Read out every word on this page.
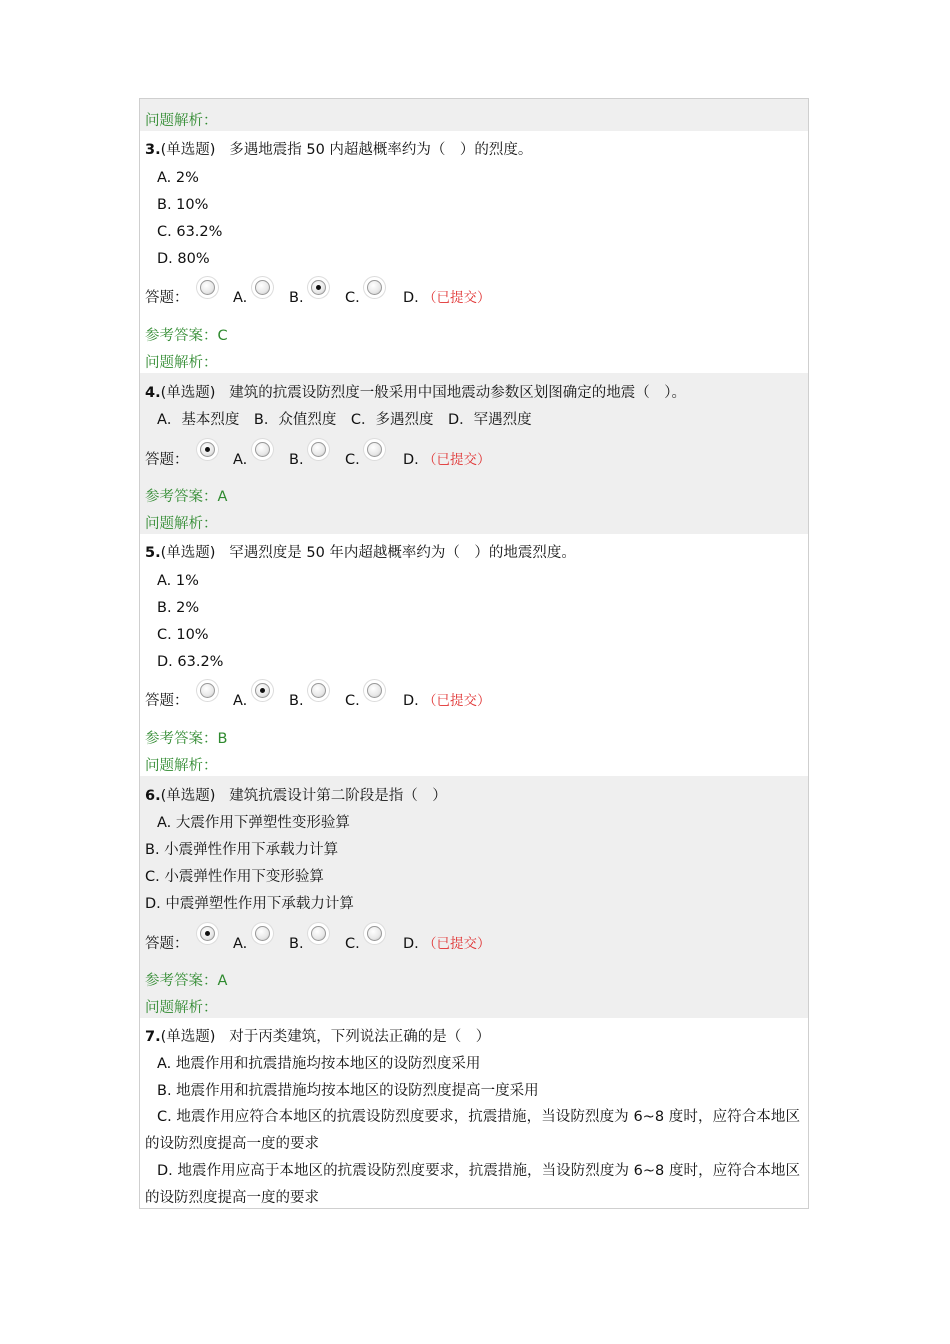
问题解析：
3.(单选题) 多遇地震指 50 内超越概率约为（　）的烈度。
A. 2%
B. 10%
C. 63.2%
D. 80%
答题：	A.	B.	C.	D. （已提交）
参考答案：C
问题解析：
4.(单选题) 建筑的抗震设防烈度一般采用中国地震动参数区划图确定的地震（　）。
A．基本烈度　B．众值烈度　C．多遇烈度　D．罕遇烈度
答题：	A.	B.	C.	D. （已提交）
参考答案：A
问题解析：
5.(单选题) 罕遇烈度是 50 年内超越概率约为（　）的地震烈度。
A. 1%
B. 2%
C. 10%
D. 63.2%
答题：	A.	B.	C.	D. （已提交）
参考答案：B
问题解析：
6.(单选题) 建筑抗震设计第二阶段是指（　）
A. 大震作用下弹塑性变形验算
B. 小震弹性作用下承载力计算
C. 小震弹性作用下变形验算
D. 中震弹塑性作用下承载力计算
答题：	A.	B.	C.	D. （已提交）
参考答案：A
问题解析：
7.(单选题) 对于丙类建筑，下列说法正确的是（　）
A. 地震作用和抗震措施均按本地区的设防烈度采用
B. 地震作用和抗震措施均按本地区的设防烈度提高一度采用
C. 地震作用应符合本地区的抗震设防烈度要求，抗震措施，当设防烈度为 6~8 度时，应符合本地区的设防烈度提高一度的要求
D. 地震作用应高于本地区的抗震设防烈度要求，抗震措施，当设防烈度为 6~8 度时，应符合本地区的设防烈度提高一度的要求
